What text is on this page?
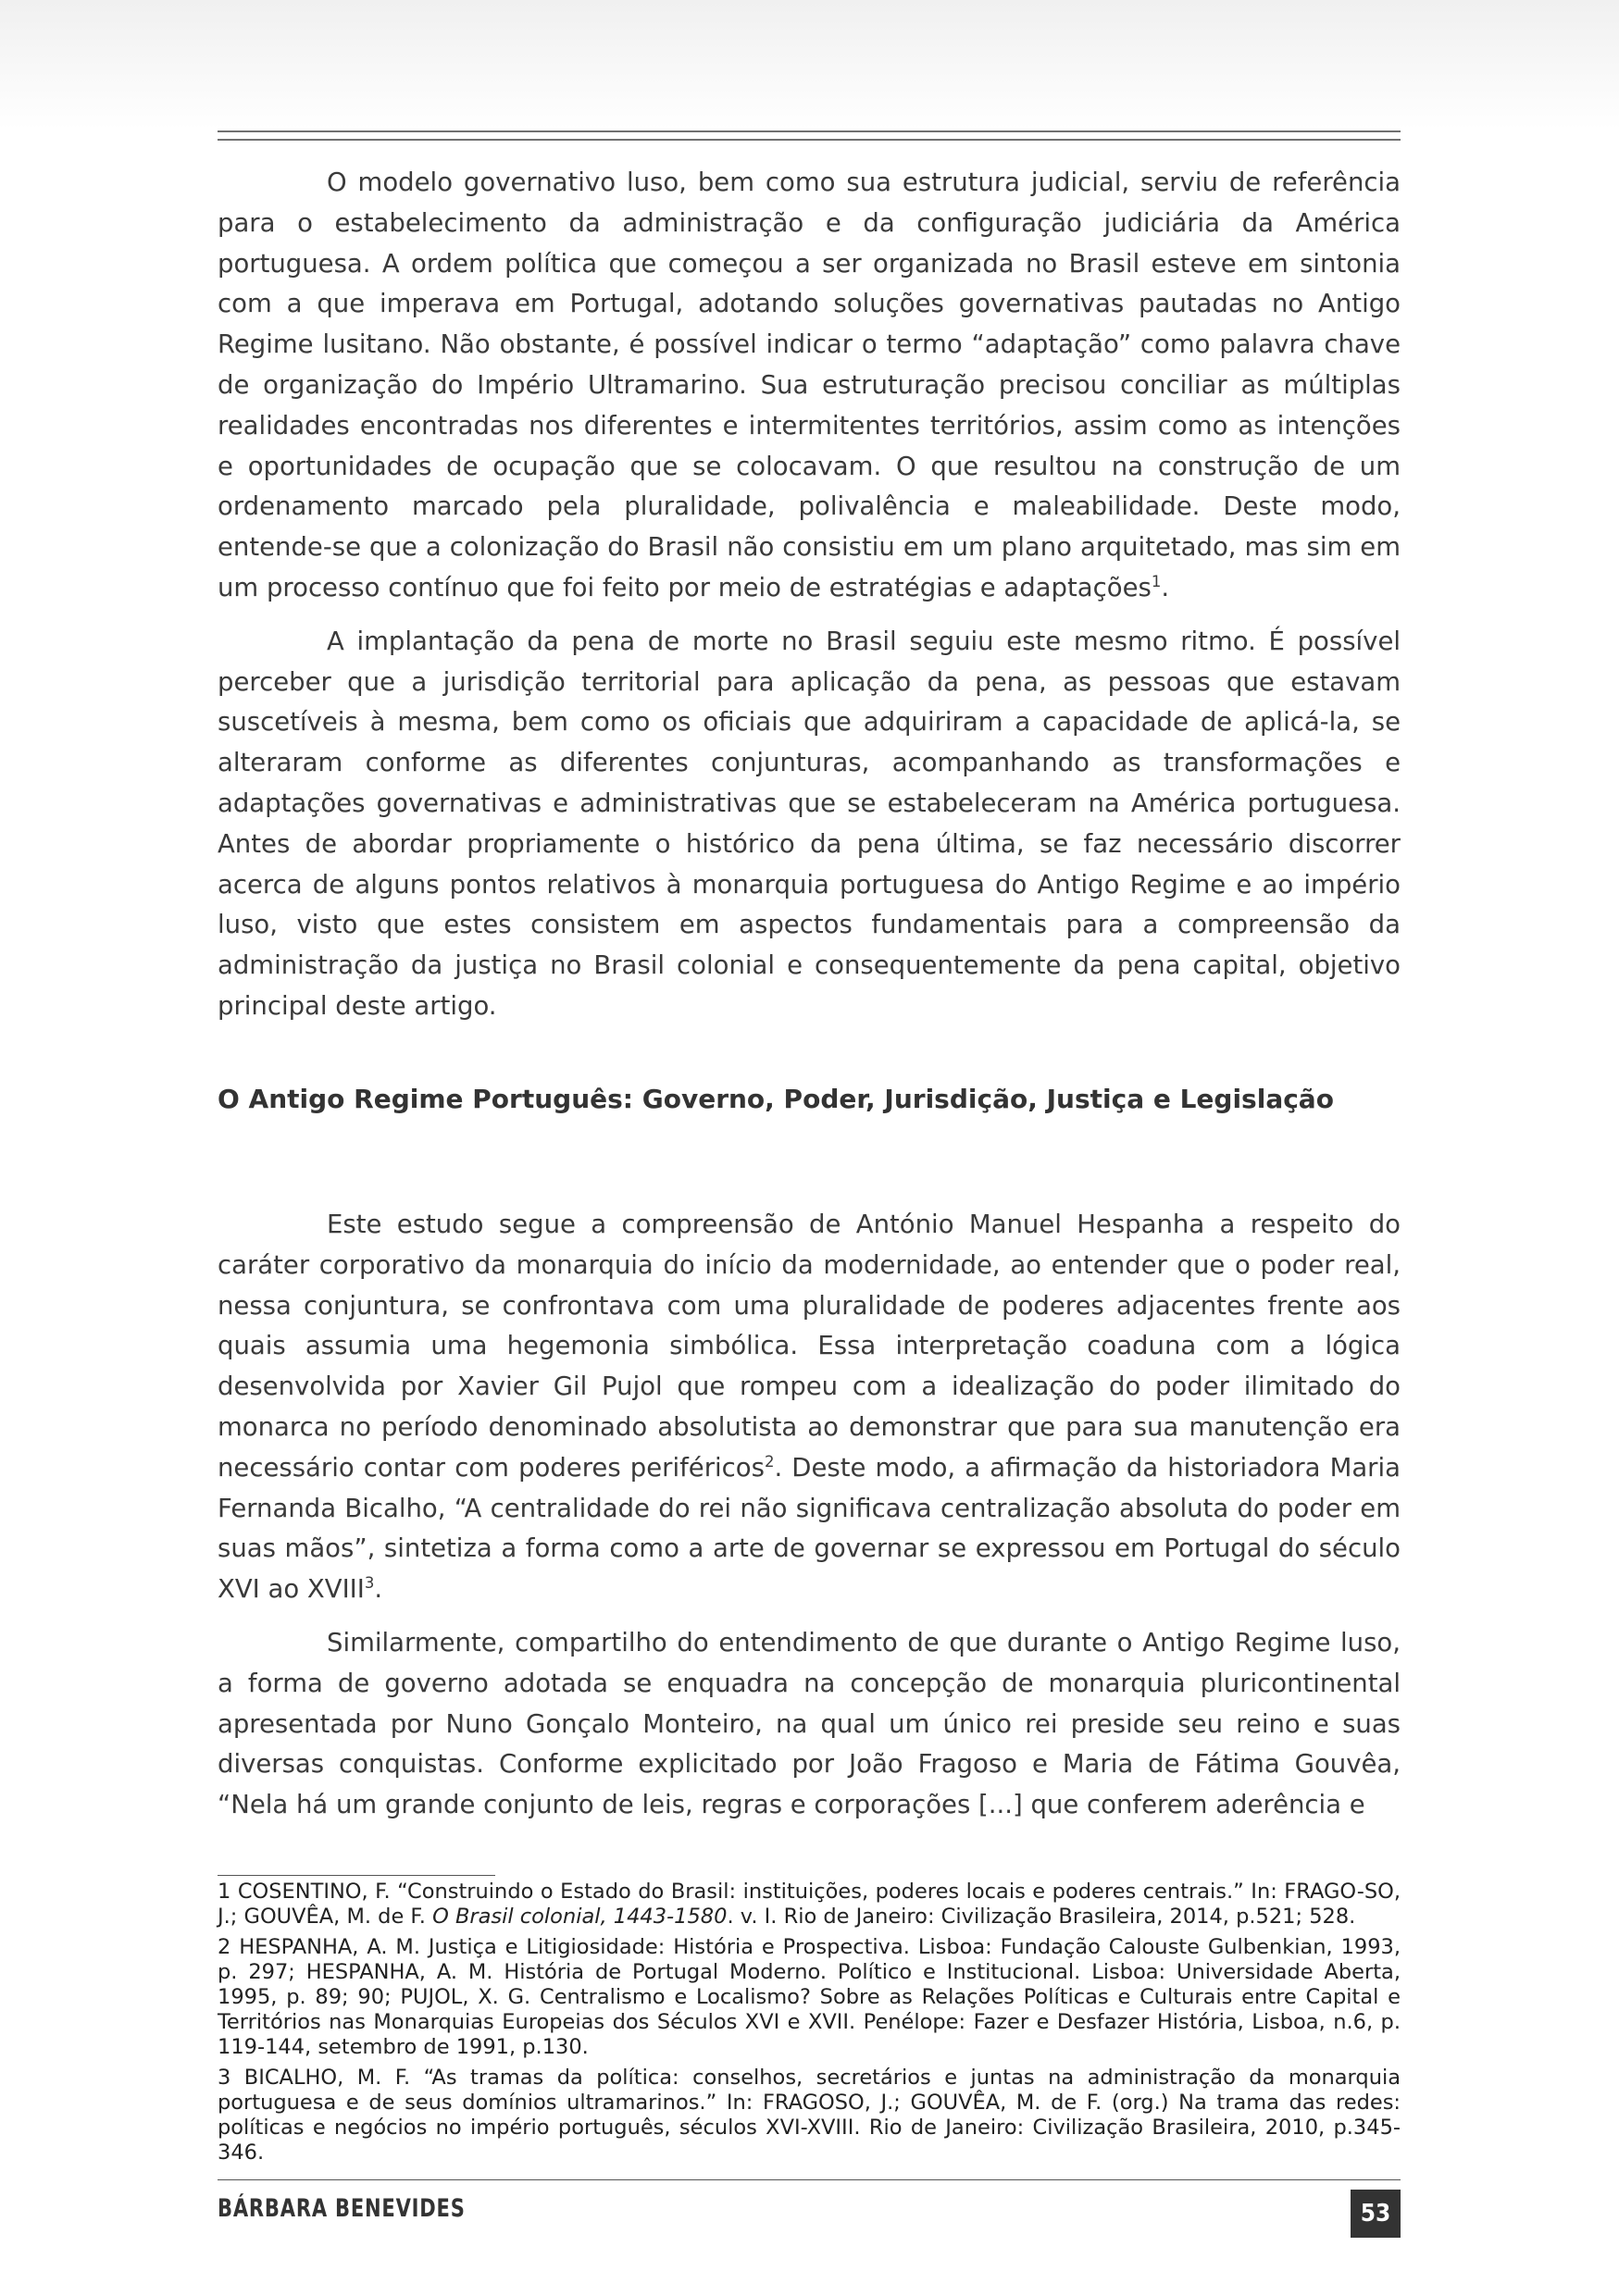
O modelo governativo luso, bem como sua estrutura judicial, serviu de referência para o estabelecimento da administração e da configuração judiciária da América portuguesa. A ordem política que começou a ser organizada no Brasil esteve em sintonia com a que imperava em Portugal, adotando soluções governativas pautadas no Antigo Regime lusitano. Não obstante, é possível indicar o termo “adaptação” como palavra chave de organização do Império Ultramarino. Sua estruturação precisou conciliar as múltiplas realidades encontradas nos diferentes e intermitentes territórios, assim como as intenções e oportunidades de ocupação que se colocavam. O que resultou na construção de um ordenamento marcado pela pluralidade, polivalência e maleabilidade. Deste modo, entende-se que a colonização do Brasil não consistiu em um plano arquitetado, mas sim em um processo contínuo que foi feito por meio de estratégias e adaptações$^1$.

A implantação da pena de morte no Brasil seguiu este mesmo ritmo. É possível perceber que a jurisdição territorial para aplicação da pena, as pessoas que estavam suscetíveis à mesma, bem como os oficiais que adquiriram a capacidade de aplicá-la, se alteraram conforme as diferentes conjunturas, acompanhando as transformações e adaptações governativas e administrativas que se estabeleceram na América portuguesa. Antes de abordar propriamente o histórico da pena última, se faz necessário discorrer acerca de alguns pontos relativos à monarquia portuguesa do Antigo Regime e ao império luso, visto que estes consistem em aspectos fundamentais para a compreensão da administração da justiça no Brasil colonial e consequentemente da pena capital, objetivo principal deste artigo.

O Antigo Regime Português: Governo, Poder, Jurisdição, Justiça e Legislação

Este estudo segue a compreensão de António Manuel Hespanha a respeito do caráter corporativo da monarquia do início da modernidade, ao entender que o poder real, nessa conjuntura, se confrontava com uma pluralidade de poderes adjacentes frente aos quais assumia uma hegemonia simbólica. Essa interpretação coaduna com a lógica desenvolvida por Xavier Gil Pujol que rompeu com a idealização do poder ilimitado do monarca no período denominado absolutista ao demonstrar que para sua manutenção era necessário contar com poderes periféricos$^2$. Deste modo, a afirmação da historiadora Maria Fernanda Bicalho, “A centralidade do rei não significava centralização absoluta do poder em suas mãos”, sintetiza a forma como a arte de governar se expressou em Portugal do século XVI ao XVIII$^3$.

Similarmente, compartilho do entendimento de que durante o Antigo Regime luso, a forma de governo adotada se enquadra na concepção de monarquia pluricontinental apresentada por Nuno Gonçalo Monteiro, na qual um único rei preside seu reino e suas diversas conquistas. Conforme explicitado por João Fragoso e Maria de Fátima Gouvêa, “Nela há um grande conjunto de leis, regras e corporações [...] que conferem aderência e

1 COSENTINO, F. “Construindo o Estado do Brasil: instituições, poderes locais e poderes centrais.” In: FRAGO-SO, J.; GOUVÊA, M. de F. O Brasil colonial, 1443-1580. v. I. Rio de Janeiro: Civilização Brasileira, 2014, p.521; 528.

2 HESPANHA, A. M. Justiça e Litigiosidade: História e Prospectiva. Lisboa: Fundação Calouste Gulbenkian, 1993, p. 297; HESPANHA, A. M. História de Portugal Moderno. Político e Institucional. Lisboa: Universidade Aberta, 1995, p. 89; 90; PUJOL, X. G. Centralismo e Localismo? Sobre as Relações Políticas e Culturais entre Capital e Territórios nas Monarquias Europeias dos Séculos XVI e XVII. Penélope: Fazer e Desfazer História, Lisboa, n.6, p. 119-144, setembro de 1991, p.130.

3 BICALHO, M. F. “As tramas da política: conselhos, secretários e juntas na administração da monarquia portuguesa e de seus domínios ultramarinos.” In: FRAGOSO, J.; GOUVÊA, M. de F. (org.) Na trama das redes: políticas e negócios no império português, séculos XVI-XVIII. Rio de Janeiro: Civilização Brasileira, 2010, p.345-346.

BÁRBARA BENEVIDES	53
